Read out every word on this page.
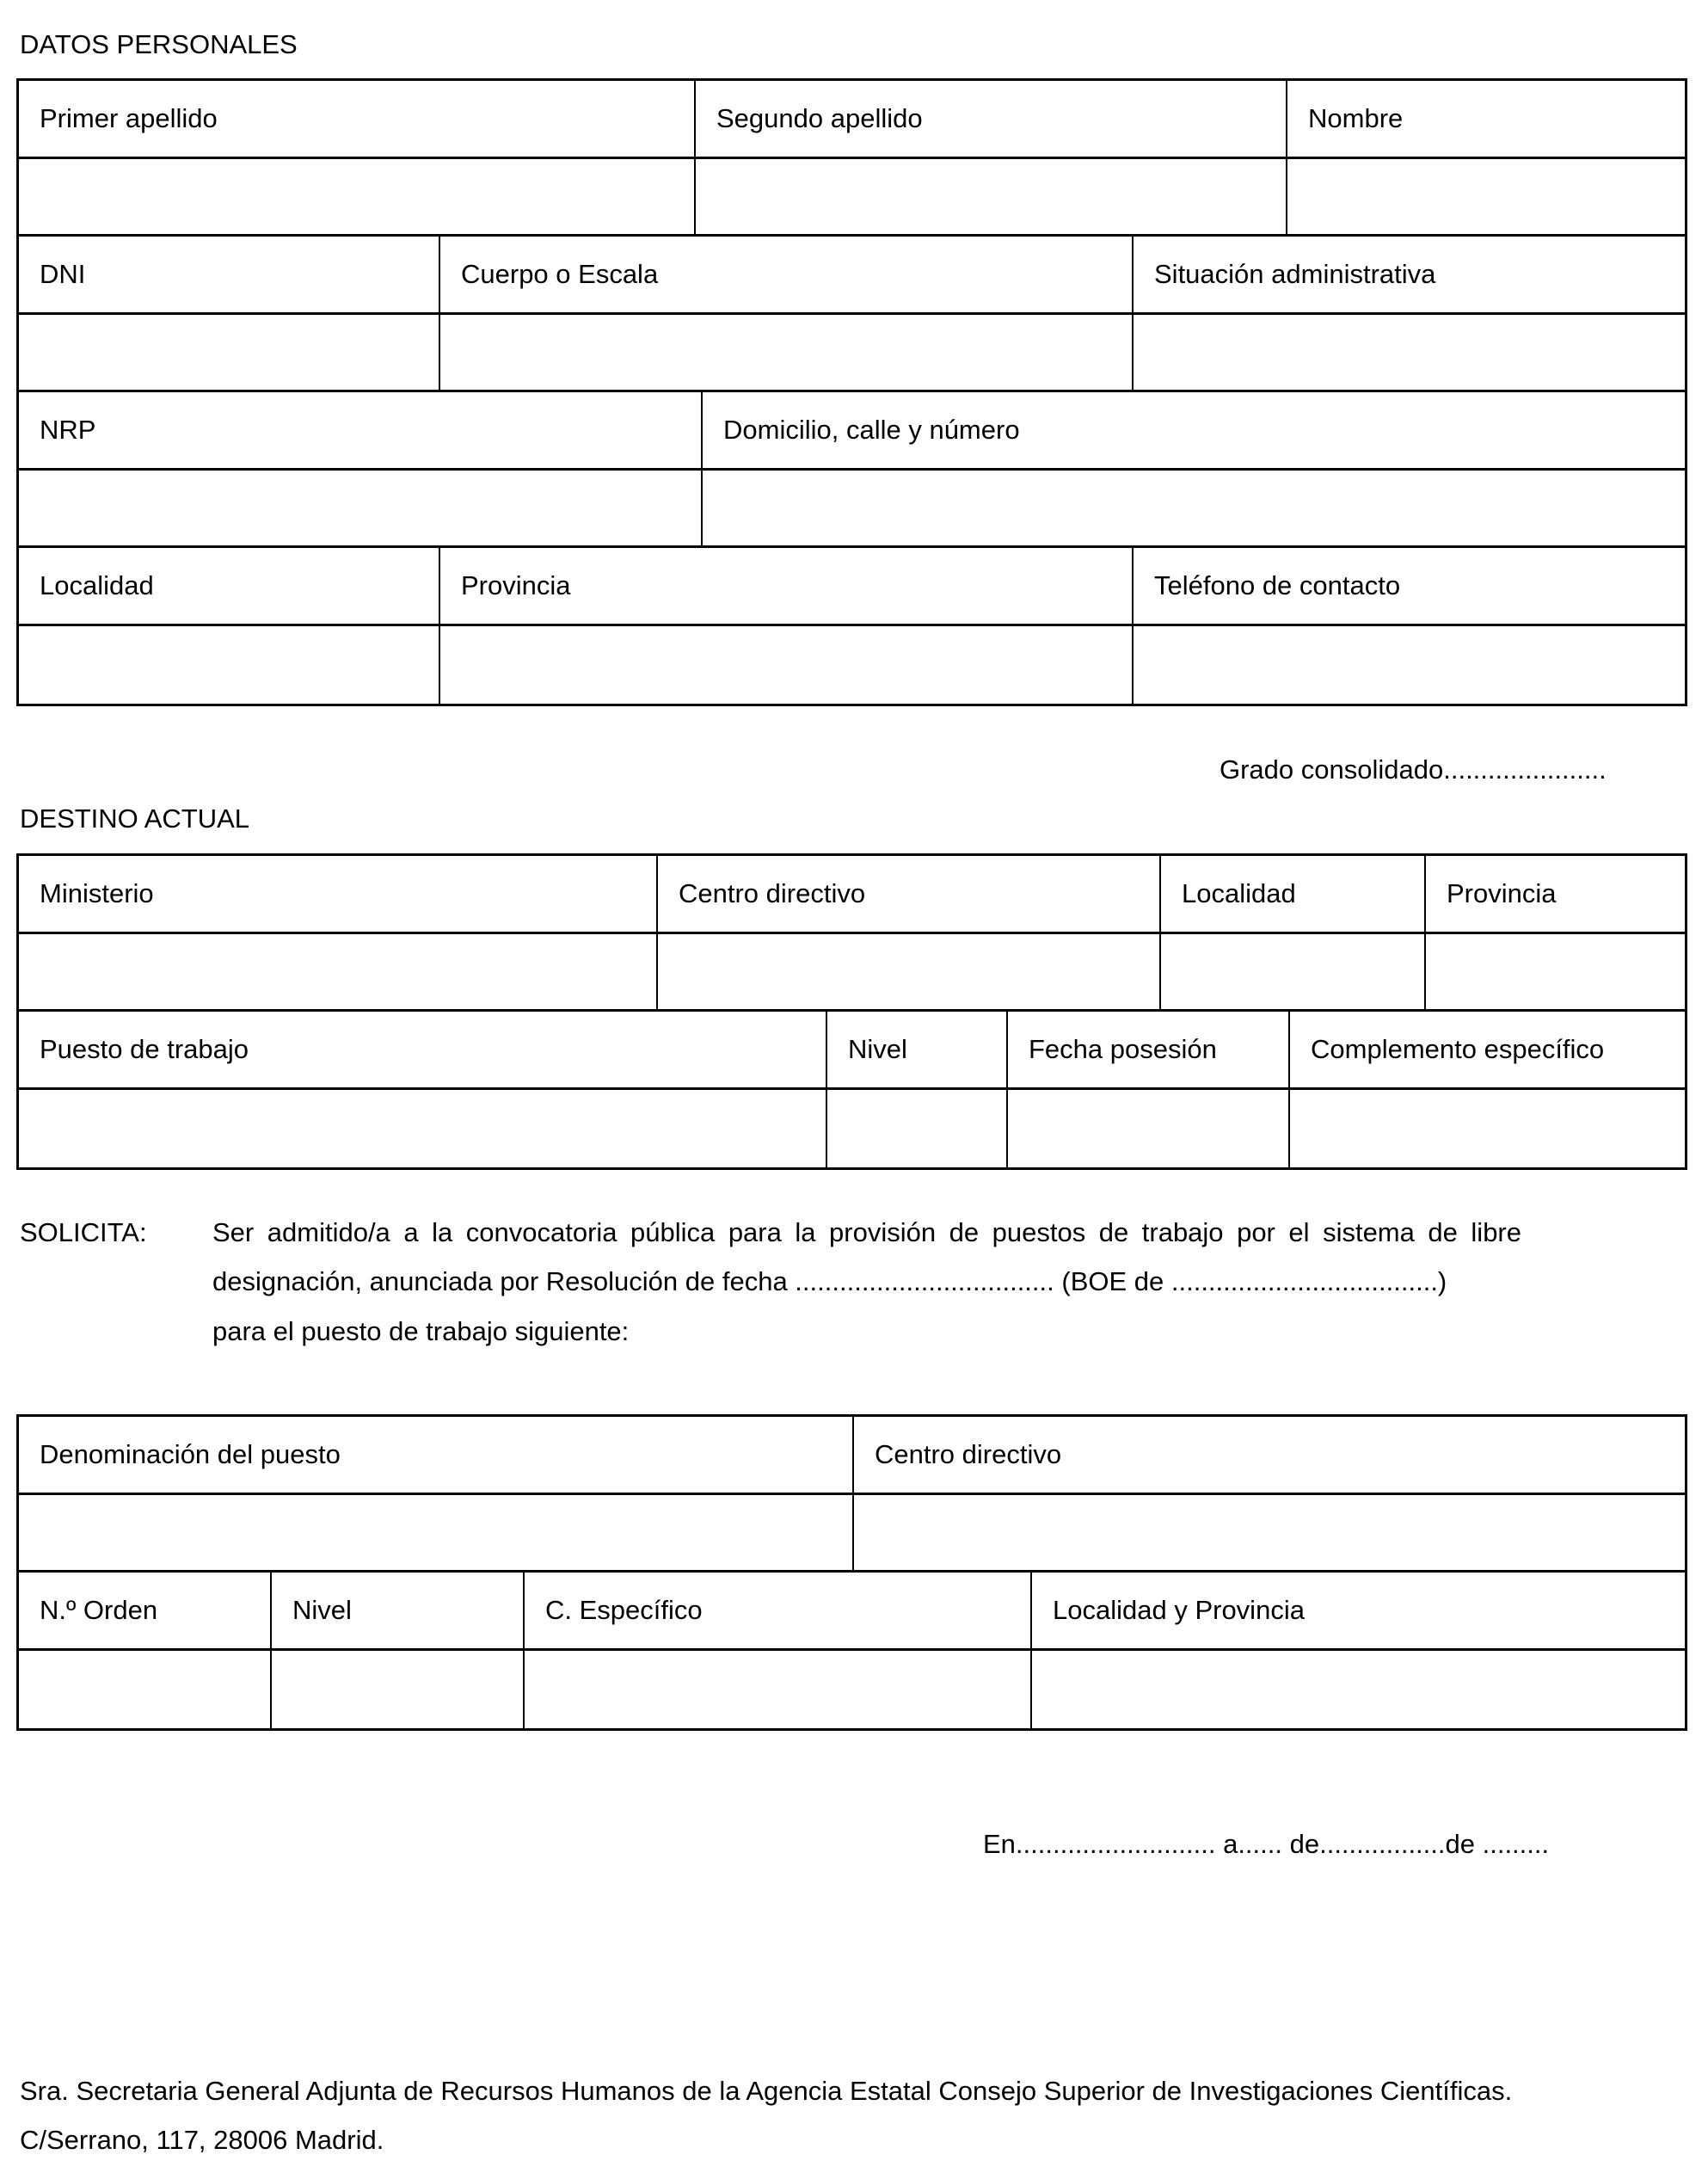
DATOS PERSONALES
Primer apellido	Segundo apellido	Nombre
DNI	Cuerpo o Escala	Situación administrativa
NRP	Domicilio, calle y número
Localidad	Provincia	Teléfono de contacto
Grado consolidado......................
DESTINO ACTUAL
Ministerio	Centro directivo	Localidad	Provincia
Puesto de trabajo	Nivel	Fecha posesión	Complemento específico
SOLICITA: Ser admitido/a a la convocatoria pública para la provisión de puestos de trabajo por el sistema de libre
designación, anunciada por Resolución de fecha ................................... (BOE de ....................................)
para el puesto de trabajo siguiente:
Denominación del puesto	Centro directivo
N.º Orden	Nivel	C. Específico	Localidad y Provincia
En........................... a...... de.................de .........
Sra. Secretaria General Adjunta de Recursos Humanos de la Agencia Estatal Consejo Superior de Investigaciones Científicas.
C/Serrano, 117, 28006 Madrid.
